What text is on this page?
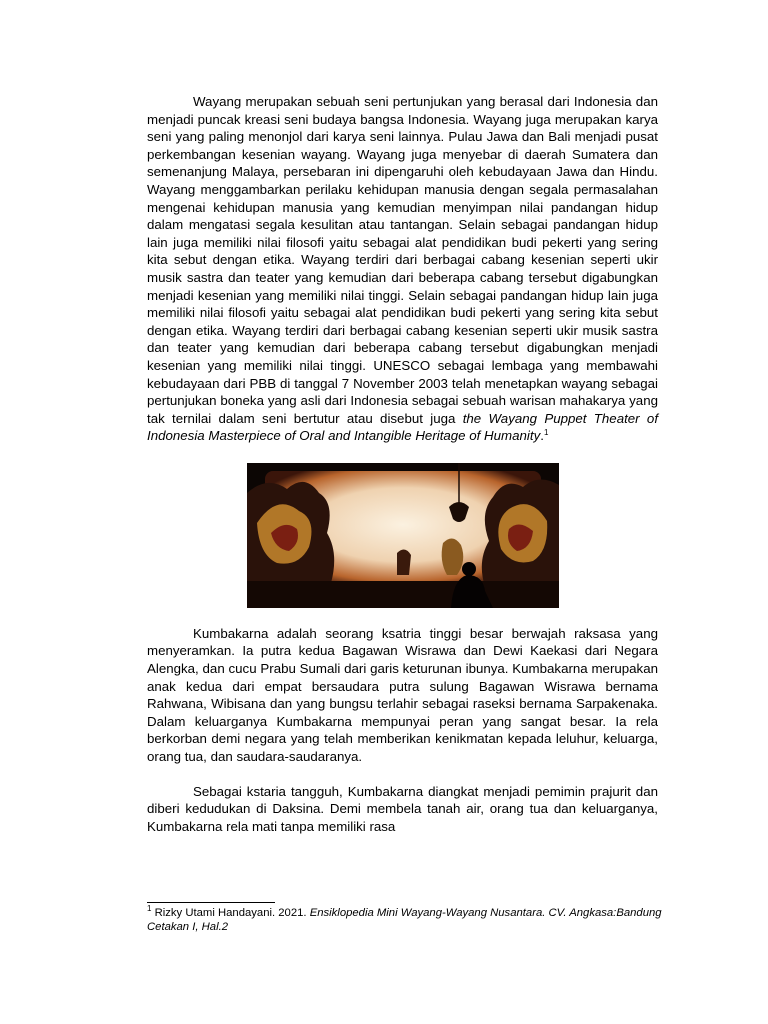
Wayang merupakan sebuah seni pertunjukan yang berasal dari Indonesia dan menjadi puncak kreasi seni budaya bangsa Indonesia. Wayang juga merupakan karya seni yang paling menonjol dari karya seni lainnya. Pulau Jawa dan Bali menjadi pusat perkembangan kesenian wayang. Wayang juga menyebar di daerah Sumatera dan semenanjung Malaya, persebaran ini dipengaruhi oleh kebudayaan Jawa dan Hindu. Wayang menggambarkan perilaku kehidupan manusia dengan segala permasalahan mengenai kehidupan manusia yang kemudian menyimpan nilai pandangan hidup dalam mengatasi segala kesulitan atau tantangan. Selain sebagai pandangan hidup lain juga memiliki nilai filosofi yaitu sebagai alat pendidikan budi pekerti yang sering kita sebut dengan etika. Wayang terdiri dari berbagai cabang kesenian seperti ukir musik sastra dan teater yang kemudian dari beberapa cabang tersebut digabungkan menjadi kesenian yang memiliki nilai tinggi. Selain sebagai pandangan hidup lain juga memiliki nilai filosofi yaitu sebagai alat pendidikan budi pekerti yang sering kita sebut dengan etika. Wayang terdiri dari berbagai cabang kesenian seperti ukir musik sastra dan teater yang kemudian dari beberapa cabang tersebut digabungkan menjadi kesenian yang memiliki nilai tinggi. UNESCO sebagai lembaga yang membawahi kebudayaan dari PBB di tanggal 7 November 2003 telah menetapkan wayang sebagai pertunjukan boneka yang asli dari Indonesia sebagai sebuah warisan mahakarya yang tak ternilai dalam seni bertutur atau disebut juga the Wayang Puppet Theater of Indonesia Masterpiece of Oral and Intangible Heritage of Humanity.$^1$

Kumbakarna adalah seorang ksatria tinggi besar berwajah raksasa yang menyeramkan. Ia putra kedua Bagawan Wisrawa dan Dewi Kaekasi dari Negara Alengka, dan cucu Prabu Sumali dari garis keturunan ibunya. Kumbakarna merupakan anak kedua dari empat bersaudara putra sulung Bagawan Wisrawa bernama Rahwana, Wibisana dan yang bungsu terlahir sebagai raseksi bernama Sarpakenaka. Dalam keluarganya Kumbakarna mempunyai peran yang sangat besar. Ia rela berkorban demi negara yang telah memberikan kenikmatan kepada leluhur, keluarga, orang tua, dan saudara-saudaranya.

Sebagai kstaria tangguh, Kumbakarna diangkat menjadi pemimin prajurit dan diberi kedudukan di Daksina. Demi membela tanah air, orang tua dan keluarganya, Kumbakarna rela mati tanpa memiliki rasa

$^1$ Rizky Utami Handayani. 2021. Ensiklopedia Mini Wayang-Wayang Nusantara. CV. Angkasa:Bandung Cetakan I, Hal.2
